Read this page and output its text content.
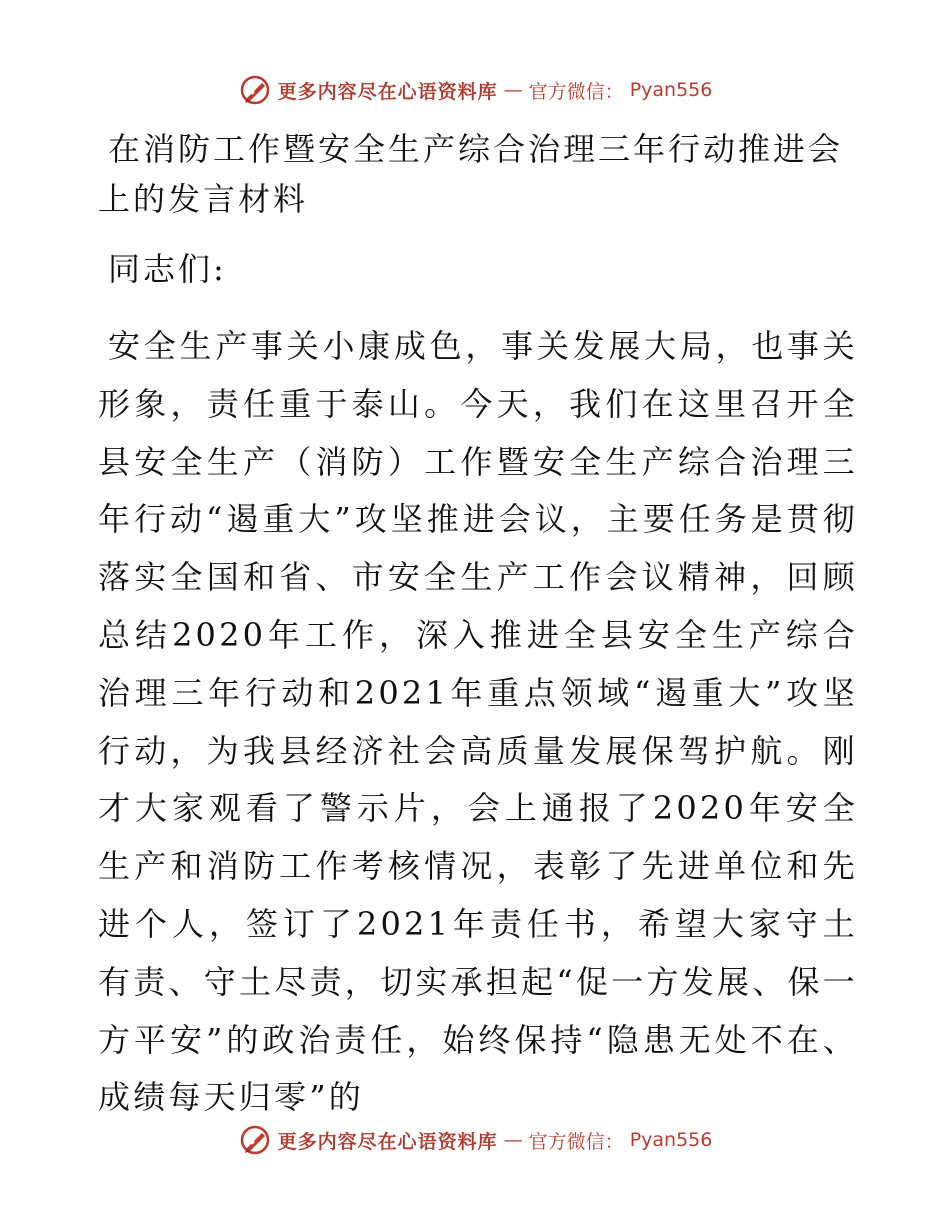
更多内容尽在心语资料库 — 官方微信： Pyan556
在消防工作暨安全生产综合治理三年行动推进会
上的发言材料

同志们:

安全生产事关小康成色，事关发展大局，也事关形象，责任重于泰山。今天，我们在这里召开全县安全生产（消防）工作暨安全生产综合治理三年行动“遏重大”攻坚推进会议，主要任务是贯彻落实全国和省、市安全生产工作会议精神，回顾总结2020年工作，深入推进全县安全生产综合治理三年行动和2021年重点领域“遏重大”攻坚行动，为我县经济社会高质量发展保驾护航。刚才大家观看了警示片，会上通报了2020年安全生产和消防工作考核情况，表彰了先进单位和先进个人，签订了2021年责任书，希望大家守土有责、守土尽责，切实承担起“促一方发展、保一方平安”的政治责任，始终保持“隐患无处不在、成绩每天归零”的

更多内容尽在心语资料库 — 官方微信： Pyan556
